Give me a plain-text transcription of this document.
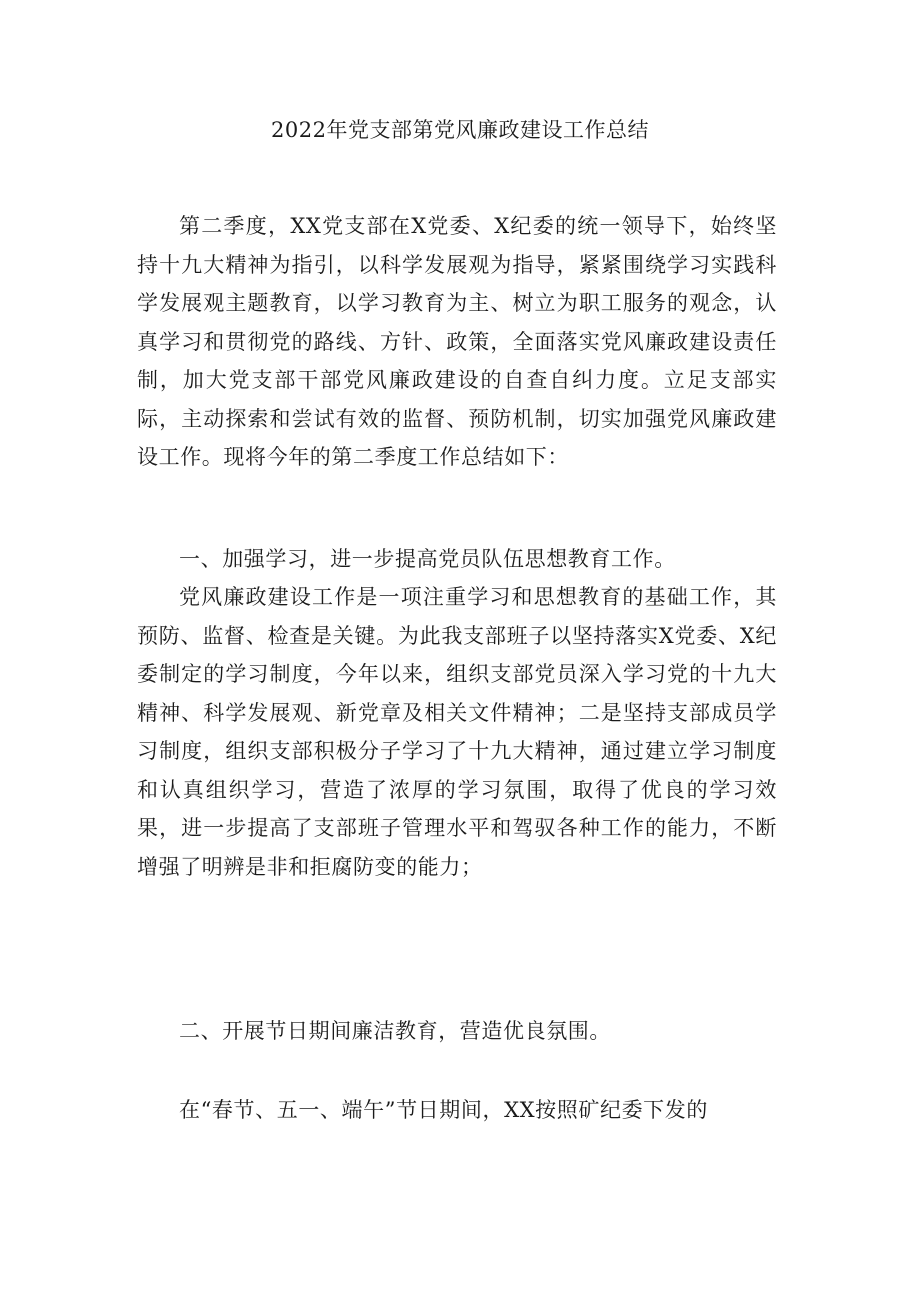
2022年党支部第党风廉政建设工作总结

第二季度，XX党支部在X党委、X纪委的统一领导下，始终坚持十九大精神为指引，以科学发展观为指导，紧紧围绕学习实践科学发展观主题教育，以学习教育为主、树立为职工服务的观念，认真学习和贯彻党的路线、方针、政策，全面落实党风廉政建设责任制，加大党支部干部党风廉政建设的自查自纠力度。立足支部实际，主动探索和尝试有效的监督、预防机制，切实加强党风廉政建设工作。现将今年的第二季度工作总结如下：

一、加强学习，进一步提高党员队伍思想教育工作。

党风廉政建设工作是一项注重学习和思想教育的基础工作，其预防、监督、检查是关键。为此我支部班子以坚持落实X党委、X纪委制定的学习制度，今年以来，组织支部党员深入学习党的十九大精神、科学发展观、新党章及相关文件精神；二是坚持支部成员学习制度，组织支部积极分子学习了十九大精神，通过建立学习制度和认真组织学习，营造了浓厚的学习氛围，取得了优良的学习效果，进一步提高了支部班子管理水平和驾驭各种工作的能力，不断增强了明辨是非和拒腐防变的能力；

二、开展节日期间廉洁教育，营造优良氛围。

在“春节、五一、端午”节日期间，XX按照矿纪委下发的
